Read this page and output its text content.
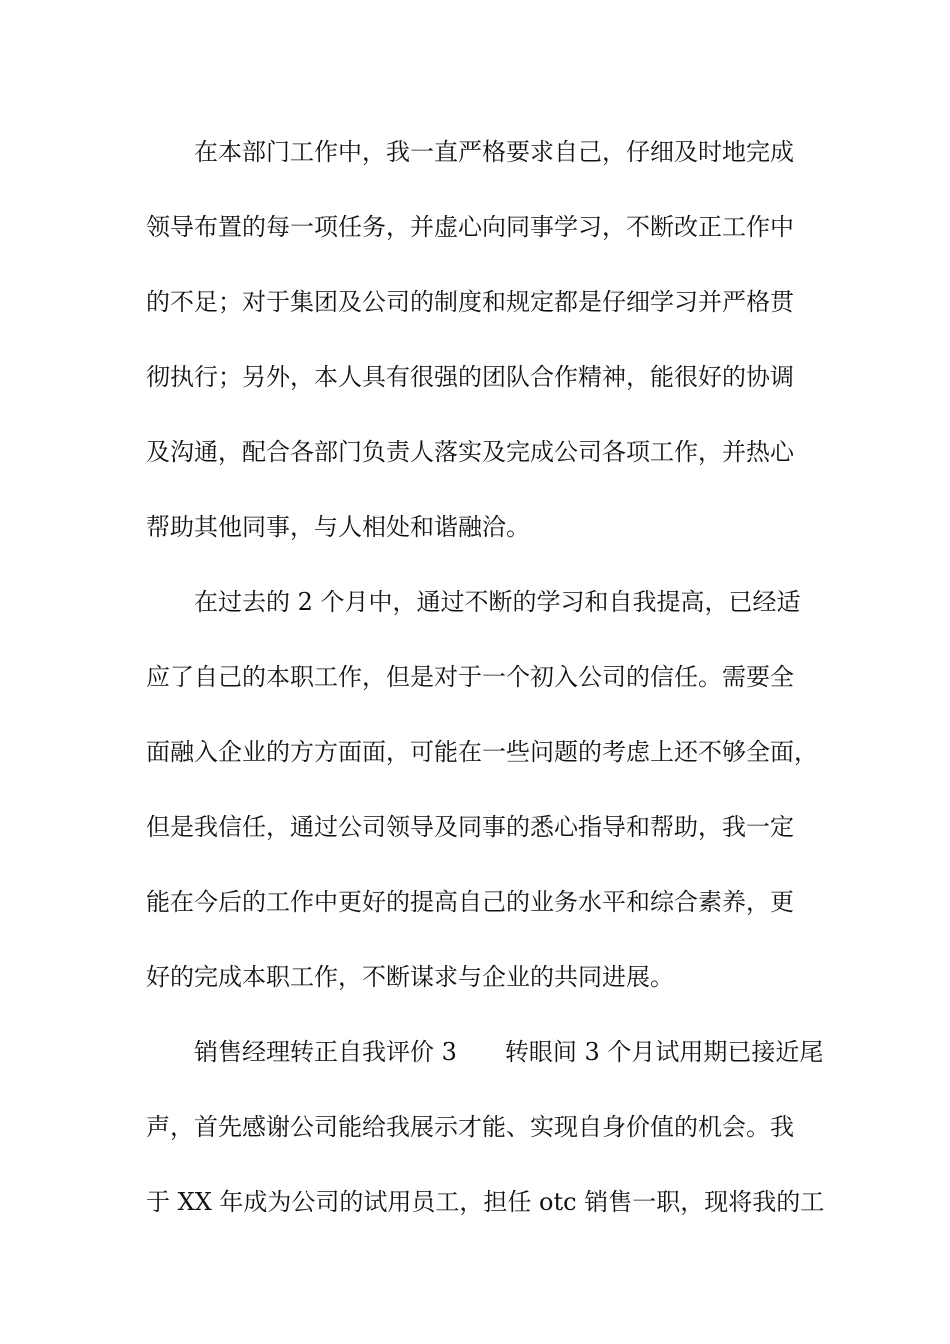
在本部门工作中，我一直严格要求自己，仔细及时地完成
领导布置的每一项任务，并虚心向同事学习，不断改正工作中
的不足；对于集团及公司的制度和规定都是仔细学习并严格贯
彻执行；另外，本人具有很强的团队合作精神，能很好的协调
及沟通，配合各部门负责人落实及完成公司各项工作，并热心
帮助其他同事，与人相处和谐融洽。
在过去的 2 个月中，通过不断的学习和自我提高，已经适
应了自己的本职工作，但是对于一个初入公司的信任。需要全
面融入企业的方方面面，可能在一些问题的考虑上还不够全面，
但是我信任，通过公司领导及同事的悉心指导和帮助，我一定
能在今后的工作中更好的提高自己的业务水平和综合素养，更
好的完成本职工作，不断谋求与企业的共同进展。
销售经理转正自我评价 3　　转眼间 3 个月试用期已接近尾
声，首先感谢公司能给我展示才能、实现自身价值的机会。我
于 XX 年成为公司的试用员工，担任 otc 销售一职，现将我的工
